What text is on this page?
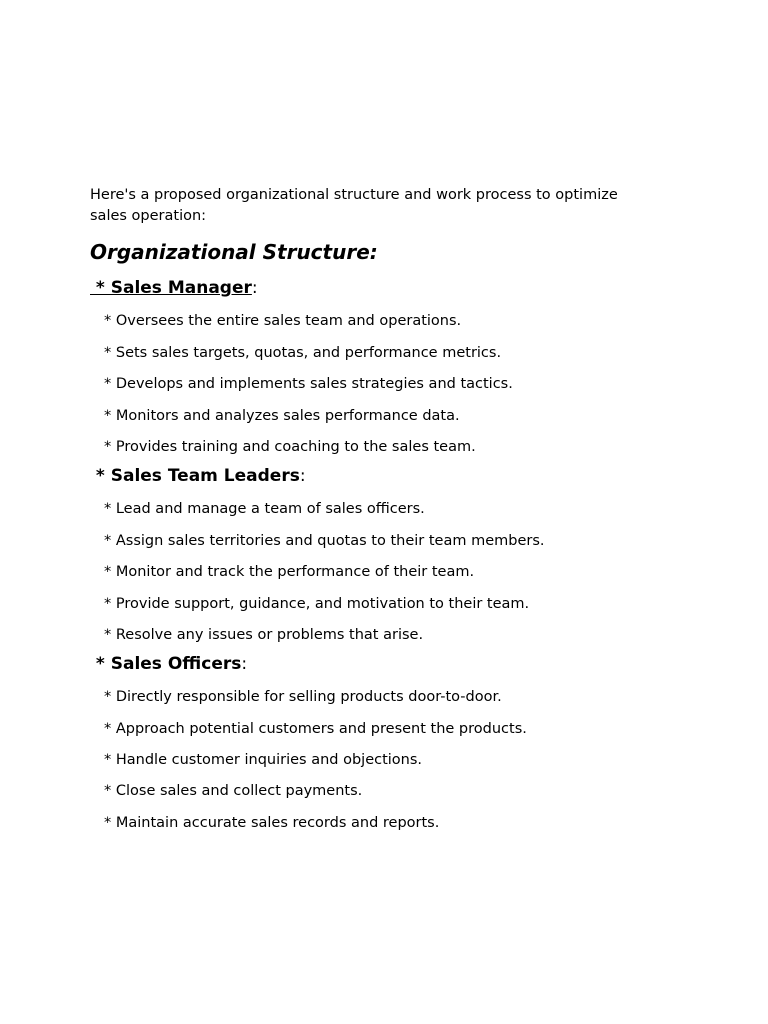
Here's a proposed organizational structure and work process to optimize
sales operation:

Organizational Structure:

* Sales Manager:

* Oversees the entire sales team and operations.
* Sets sales targets, quotas, and performance metrics.
* Develops and implements sales strategies and tactics.
* Monitors and analyzes sales performance data.
* Provides training and coaching to the sales team.

* Sales Team Leaders:

* Lead and manage a team of sales officers.
* Assign sales territories and quotas to their team members.
* Monitor and track the performance of their team.
* Provide support, guidance, and motivation to their team.
* Resolve any issues or problems that arise.

* Sales Officers:

* Directly responsible for selling products door-to-door.
* Approach potential customers and present the products.
* Handle customer inquiries and objections.
* Close sales and collect payments.
* Maintain accurate sales records and reports.
